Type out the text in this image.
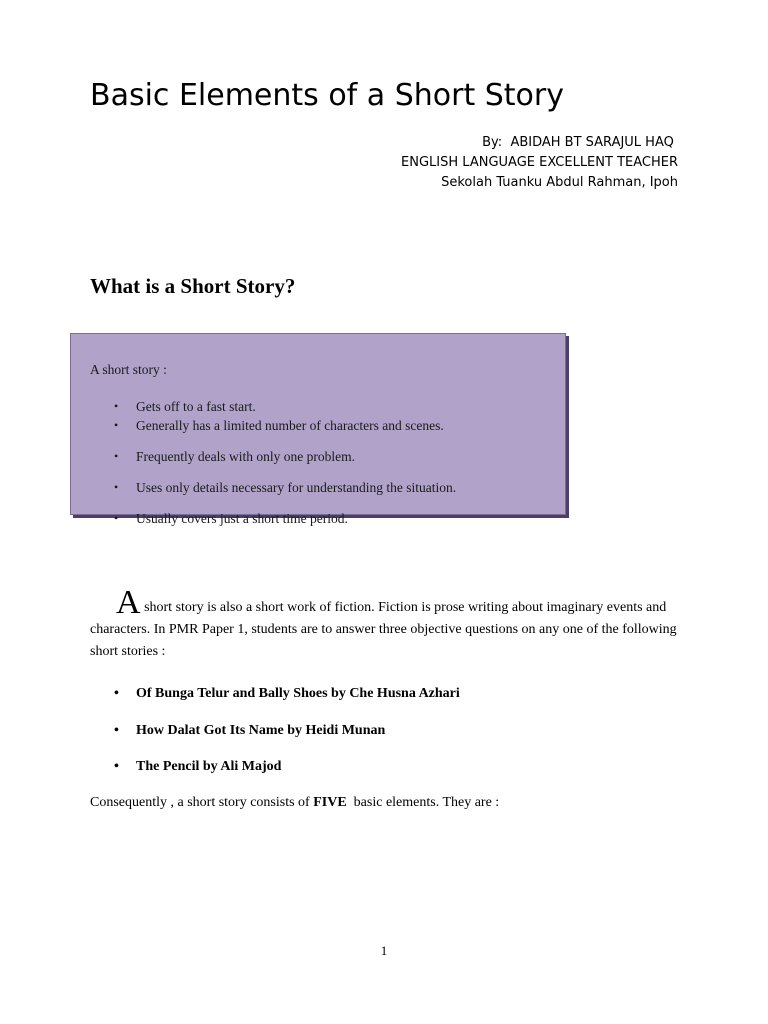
Basic Elements of a Short Story
By:  ABIDAH BT SARAJUL HAQ
ENGLISH LANGUAGE EXCELLENT TEACHER
Sekolah Tuanku Abdul Rahman, Ipoh
What is a Short Story?
A short story :
• Gets off to a fast start.
• Generally has a limited number of characters and scenes.
• Frequently deals with only one problem.
• Uses only details necessary for understanding the situation.
• Usually covers just a short time period.

A short story is also a short work of fiction. Fiction is prose writing about imaginary events and characters. In PMR Paper 1, students are to answer three objective questions on any one of the following short stories :

• Of Bunga Telur and Bally Shoes by Che Husna Azhari
• How Dalat Got Its Name by Heidi Munan
• The Pencil by Ali Majod
Consequently , a short story consists of FIVE  basic elements. They are :
1
